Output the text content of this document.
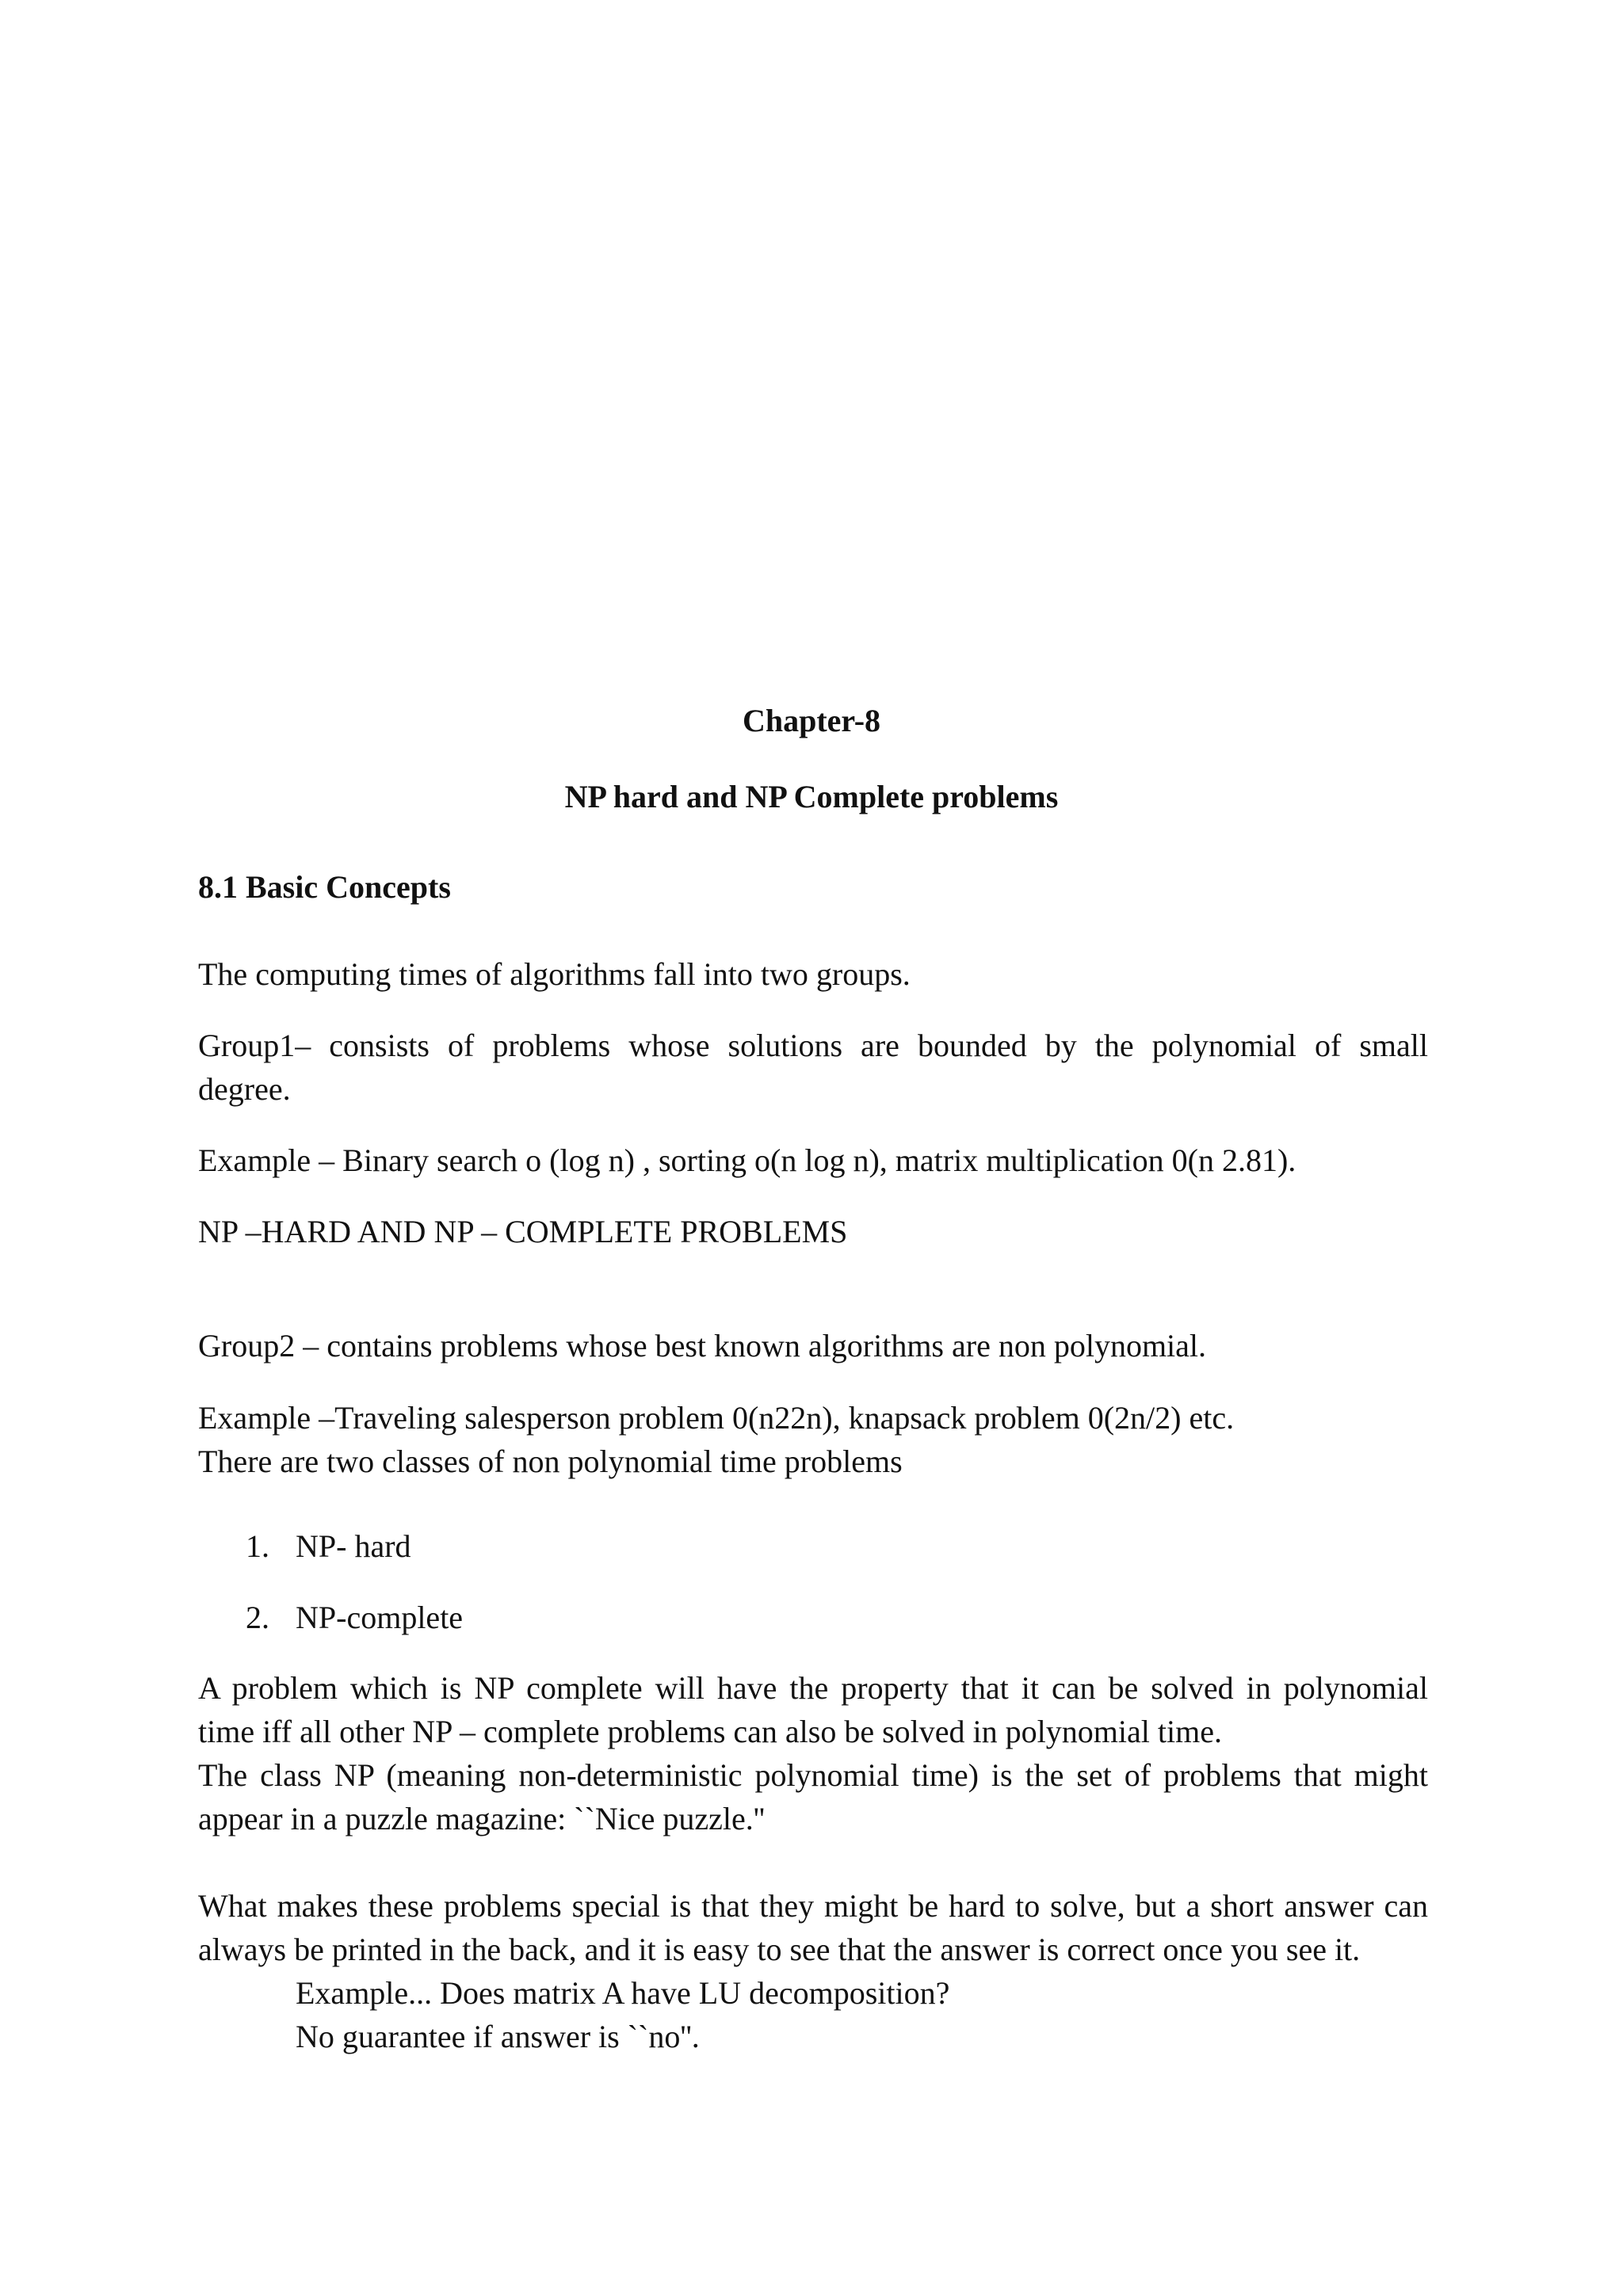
Chapter-8
NP hard and NP Complete problems
8.1 Basic Concepts
The computing times of algorithms fall into two groups.
Group1– consists of problems whose solutions are bounded by the polynomial of small
degree.
Example – Binary search o (log n) , sorting o(n log n), matrix multiplication 0(n 2.81).
NP –HARD AND NP – COMPLETE PROBLEMS
Group2 – contains problems whose best known algorithms are non polynomial.
Example –Traveling salesperson problem 0(n22n), knapsack problem 0(2n/2) etc.
There are two classes of non polynomial time problems
1. NP- hard
2. NP-complete
A problem which is NP complete will have the property that it can be solved in polynomial
time iff all other NP – complete problems can also be solved in polynomial time.
The class NP (meaning non-deterministic polynomial time) is the set of problems that might
appear in a puzzle magazine: ``Nice puzzle.''
What makes these problems special is that they might be hard to solve, but a short answer can
always be printed in the back, and it is easy to see that the answer is correct once you see it.
Example... Does matrix A have LU decomposition?
No guarantee if answer is ``no''.
